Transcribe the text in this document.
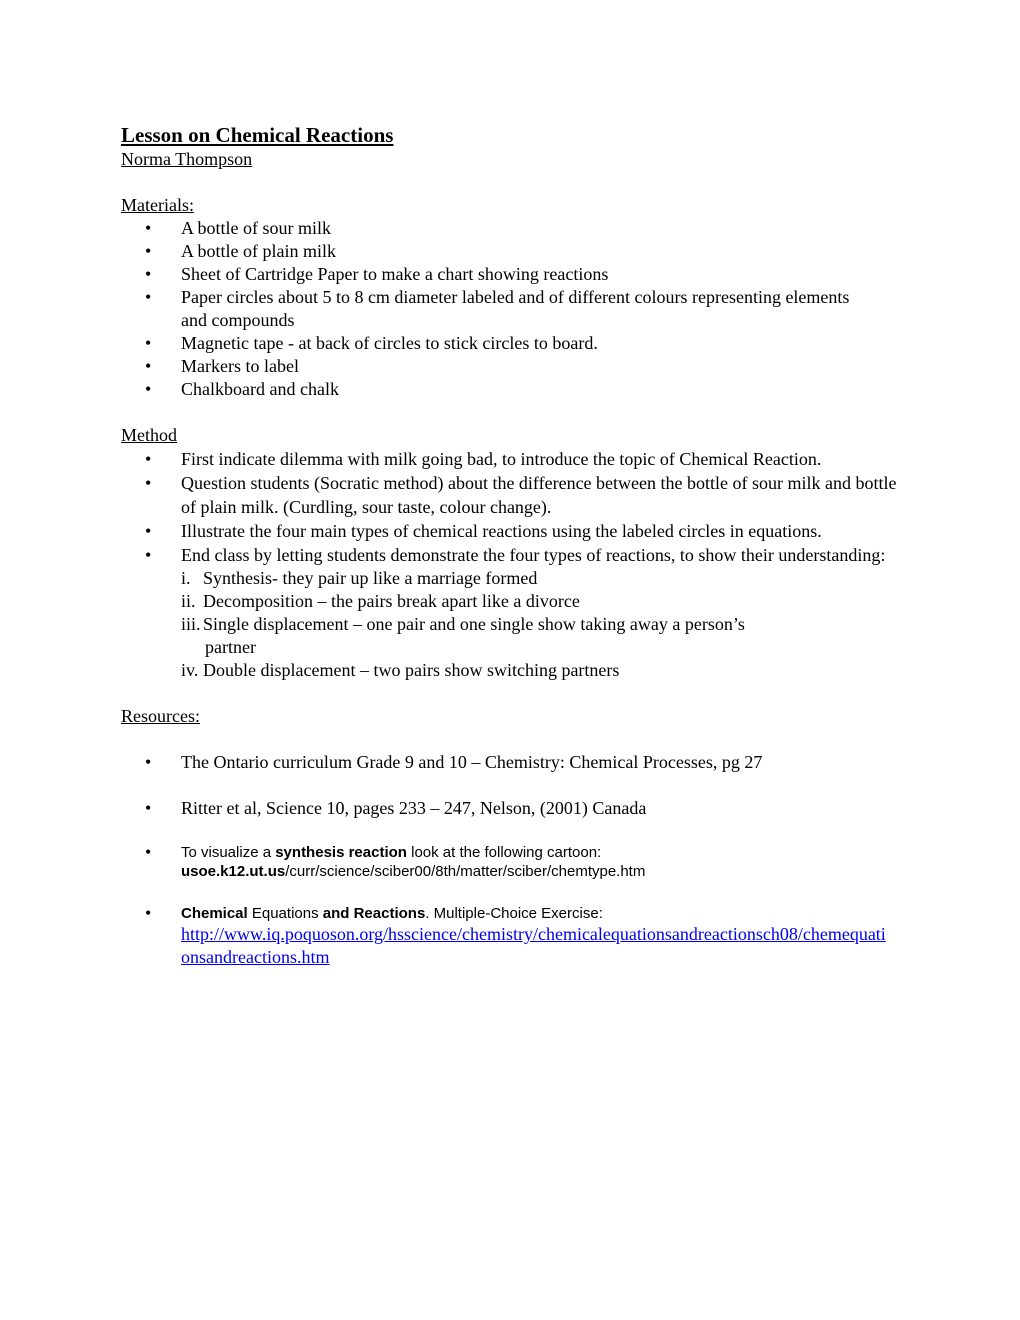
Lesson on Chemical Reactions
Norma Thompson
Materials:
• A bottle of sour milk
• A bottle of plain milk
• Sheet of Cartridge Paper to make a chart showing reactions
• Paper circles about 5 to 8 cm diameter labeled and of different colours representing elements and compounds
• Magnetic tape - at back of circles to stick circles to board.
• Markers to label
• Chalkboard and chalk
Method
• First indicate dilemma with milk going bad, to introduce the topic of Chemical Reaction.
• Question students (Socratic method) about the difference between the bottle of sour milk and bottle of plain milk. (Curdling, sour taste, colour change).
• Illustrate the four main types of chemical reactions using the labeled circles in equations.
• End class by letting students demonstrate the four types of reactions, to show their understanding:
i. Synthesis- they pair up like a marriage formed
ii. Decomposition – the pairs break apart like a divorce
iii. Single displacement – one pair and one single show taking away a person’s
partner
iv. Double displacement – two pairs show switching partners
Resources:
• The Ontario curriculum Grade 9 and 10 – Chemistry: Chemical Processes, pg 27
• Ritter et al, Science 10, pages 233 – 247, Nelson, (2001) Canada
• To visualize a synthesis reaction look at the following cartoon:
usoe.k12.ut.us/curr/science/sciber00/8th/matter/sciber/chemtype.htm
• Chemical Equations and Reactions. Multiple-Choice Exercise:
http://www.iq.poquoson.org/hsscience/chemistry/chemicalequationsandreactionsch08/chemequationsandreactions.htm
